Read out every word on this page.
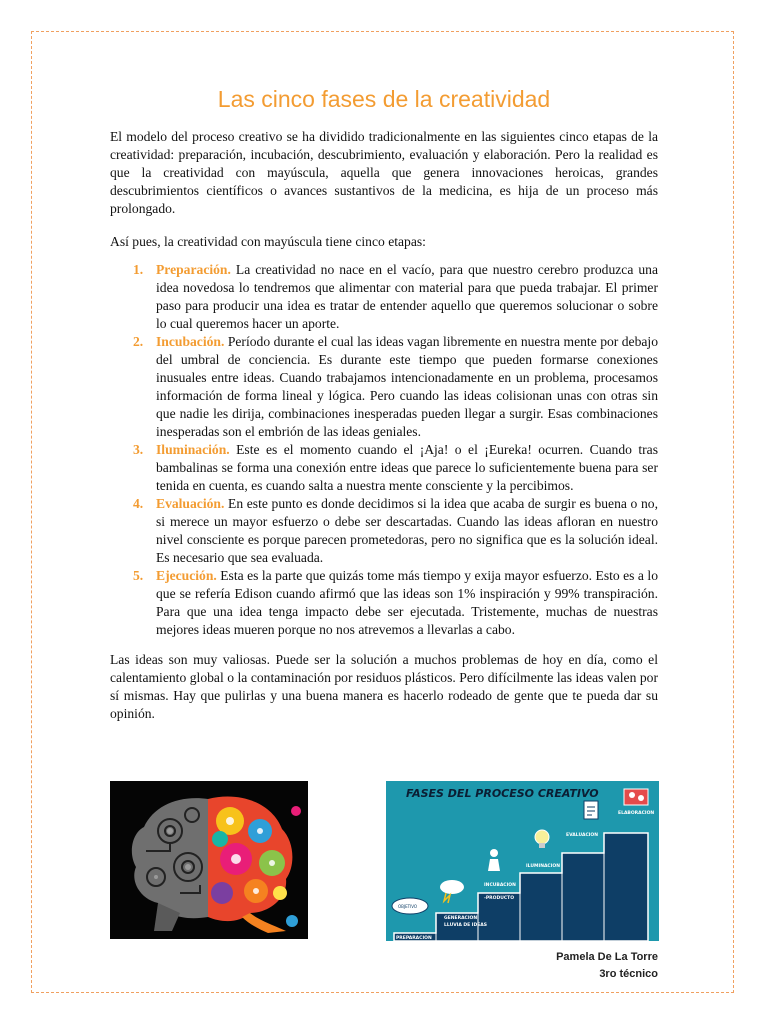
Las cinco fases de la creatividad

El modelo del proceso creativo se ha dividido tradicionalmente en las siguientes cinco etapas de la creatividad: preparación, incubación, descubrimiento, evaluación y elaboración. Pero la realidad es que la creatividad con mayúscula, aquella que genera innovaciones heroicas, grandes descubrimientos científicos o avances sustantivos de la medicina, es hija de un proceso más prolongado.

Así pues, la creatividad con mayúscula tiene cinco etapas:

1. Preparación. La creatividad no nace en el vacío, para que nuestro cerebro produzca una idea novedosa lo tendremos que alimentar con material para que pueda trabajar. El primer paso para producir una idea es tratar de entender aquello que queremos solucionar o sobre lo cual queremos hacer un aporte.
2. Incubación. Período durante el cual las ideas vagan libremente en nuestra mente por debajo del umbral de conciencia. Es durante este tiempo que pueden formarse conexiones inusuales entre ideas. Cuando trabajamos intencionadamente en un problema, procesamos información de forma lineal y lógica. Pero cuando las ideas colisionan unas con otras sin que nadie les dirija, combinaciones inesperadas pueden llegar a surgir. Esas combinaciones inesperadas son el embrión de las ideas geniales.
3. Iluminación. Este es el momento cuando el ¡Aja! o el ¡Eureka! ocurren. Cuando tras bambalinas se forma una conexión entre ideas que parece lo suficientemente buena para ser tenida en cuenta, es cuando salta a nuestra mente consciente y la percibimos.
4. Evaluación. En este punto es donde decidimos si la idea que acaba de surgir es buena o no, si merece un mayor esfuerzo o debe ser descartadas. Cuando las ideas afloran en nuestro nivel consciente es porque parecen prometedoras, pero no significa que es la solución ideal. Es necesario que sea evaluada.
5. Ejecución. Esta es la parte que quizás tome más tiempo y exija mayor esfuerzo. Esto es a lo que se refería Edison cuando afirmó que las ideas son 1% inspiración y 99% transpiración. Para que una idea tenga impacto debe ser ejecutada. Tristemente, muchas de nuestras mejores ideas mueren porque no nos atrevemos a llevarlas a cabo.

Las ideas son muy valiosas. Puede ser la solución a muchos problemas de hoy en día, como el calentamiento global o la contaminación por residuos plásticos. Pero difícilmente las ideas valen por sí mismas. Hay que pulirlas y una buena manera es hacerlo rodeado de gente que te pueda dar su opinión.

FASES DEL PROCESO CREATIVO
PREPARACION
GENERACION
LLUVIA DE IDEAS
INCUBACION
-PRODUCTO
ILUMINACION
EVALUACION
ELABORACION
OBJETIVO
Pamela De La Torre
3ro técnico
